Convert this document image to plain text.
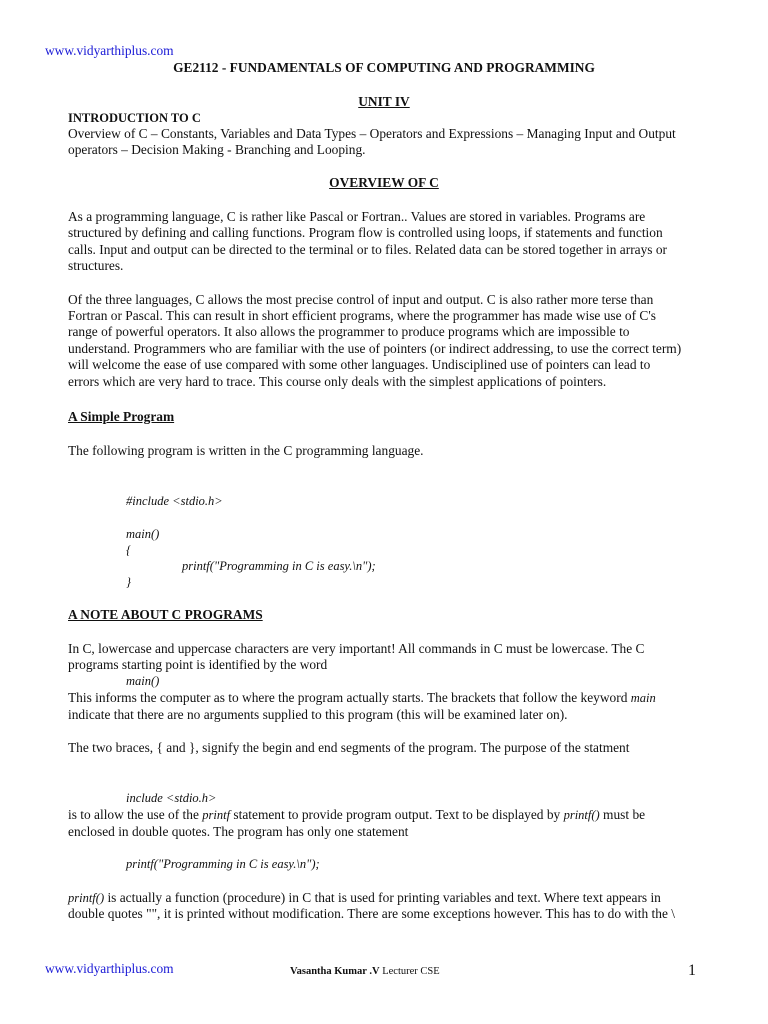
www.vidyarthiplus.com
GE2112 - FUNDAMENTALS OF COMPUTING AND PROGRAMMING
UNIT IV
INTRODUCTION TO C
Overview of C – Constants, Variables and Data Types – Operators and Expressions – Managing Input and Output
operators – Decision Making - Branching and Looping.
OVERVIEW OF C
As a programming language, C is rather like Pascal or Fortran.. Values are stored in variables. Programs are
structured by defining and calling functions. Program flow is controlled using loops, if statements and function
calls. Input and output can be directed to the terminal or to files. Related data can be stored together in arrays or
structures.
Of the three languages, C allows the most precise control of input and output. C is also rather more terse than
Fortran or Pascal. This can result in short efficient programs, where the programmer has made wise use of C's
range of powerful operators. It also allows the programmer to produce programs which are impossible to
understand. Programmers who are familiar with the use of pointers (or indirect addressing, to use the correct term)
will welcome the ease of use compared with some other languages. Undisciplined use of pointers can lead to
errors which are very hard to trace. This course only deals with the simplest applications of pointers.
A Simple Program
The following program is written in the C programming language.
#include <stdio.h>
main()
{
printf("Programming in C is easy.\n");
}
A NOTE ABOUT C PROGRAMS
In C, lowercase and uppercase characters are very important! All commands in C must be lowercase. The C
programs starting point is identified by the word
main()
This informs the computer as to where the program actually starts. The brackets that follow the keyword main
indicate that there are no arguments supplied to this program (this will be examined later on).
The two braces, { and }, signify the begin and end segments of the program. The purpose of the statment
include <stdio.h>
is to allow the use of the printf statement to provide program output. Text to be displayed by printf() must be
enclosed in double quotes. The program has only one statement
printf("Programming in C is easy.\n");
printf() is actually a function (procedure) in C that is used for printing variables and text. Where text appears in
double quotes "", it is printed without modification. There are some exceptions however. This has to do with the \
www.vidyarthiplus.com	Vasantha Kumar .V Lecturer CSE	1
